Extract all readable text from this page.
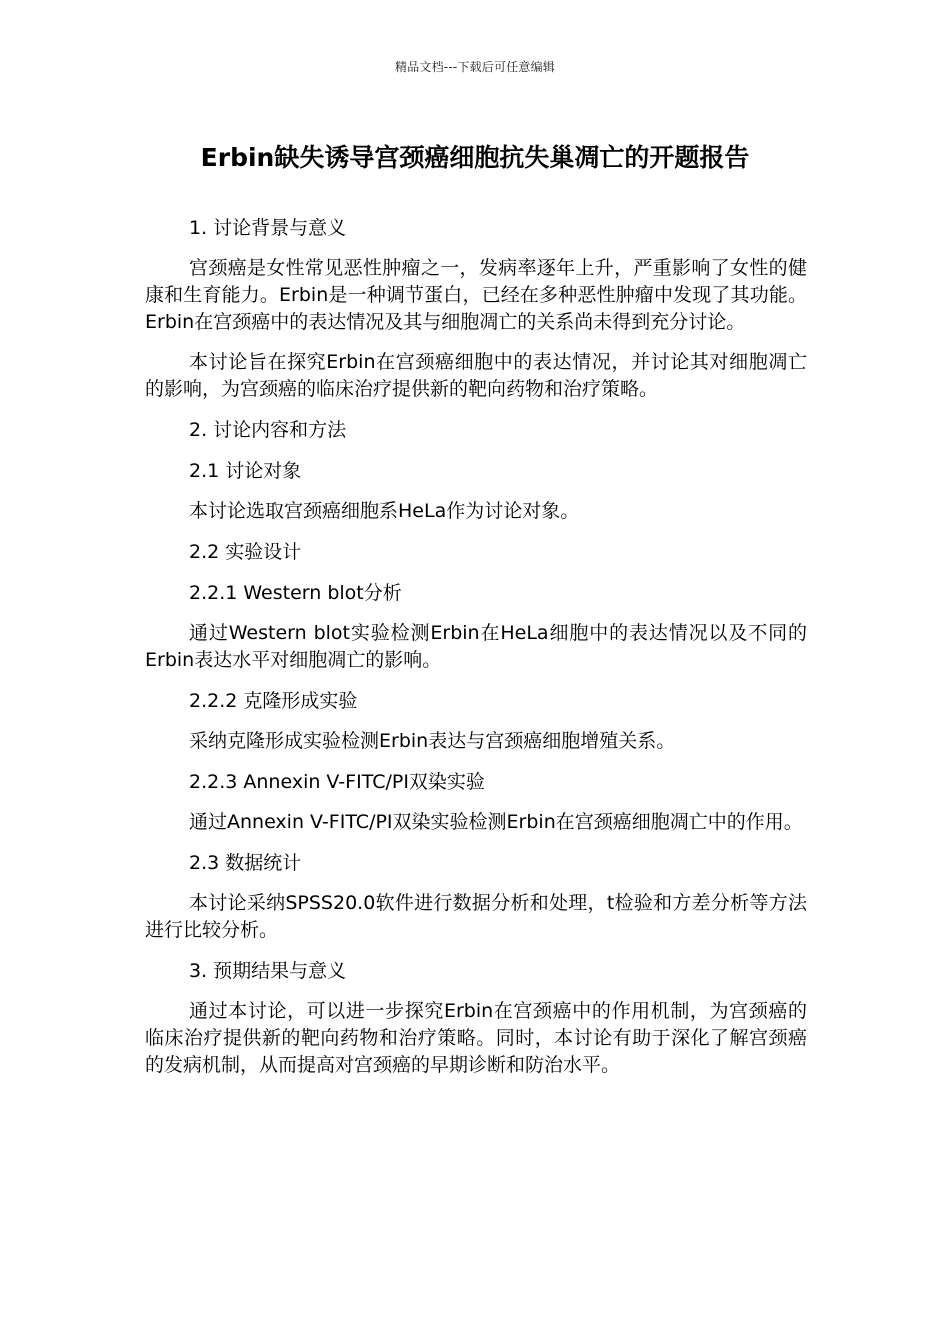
精品文档---下载后可任意编辑
Erbin缺失诱导宫颈癌细胞抗失巢凋亡的开题报告
1. 讨论背景与意义
宫颈癌是女性常见恶性肿瘤之一，发病率逐年上升，严重影响了女性的健康和生育能力。Erbin是一种调节蛋白，已经在多种恶性肿瘤中发现了其功能。Erbin在宫颈癌中的表达情况及其与细胞凋亡的关系尚未得到充分讨论。
本讨论旨在探究Erbin在宫颈癌细胞中的表达情况，并讨论其对细胞凋亡的影响，为宫颈癌的临床治疗提供新的靶向药物和治疗策略。
2. 讨论内容和方法
2.1 讨论对象
本讨论选取宫颈癌细胞系HeLa作为讨论对象。
2.2 实验设计
2.2.1 Western blot分析
通过Western blot实验检测Erbin在HeLa细胞中的表达情况以及不同的Erbin表达水平对细胞凋亡的影响。
2.2.2 克隆形成实验
采纳克隆形成实验检测Erbin表达与宫颈癌细胞增殖关系。
2.2.3 Annexin V-FITC/PI双染实验
通过Annexin V-FITC/PI双染实验检测Erbin在宫颈癌细胞凋亡中的作用。
2.3 数据统计
本讨论采纳SPSS20.0软件进行数据分析和处理，t检验和方差分析等方法进行比较分析。
3. 预期结果与意义
通过本讨论，可以进一步探究Erbin在宫颈癌中的作用机制，为宫颈癌的临床治疗提供新的靶向药物和治疗策略。同时，本讨论有助于深化了解宫颈癌的发病机制，从而提高对宫颈癌的早期诊断和防治水平。
